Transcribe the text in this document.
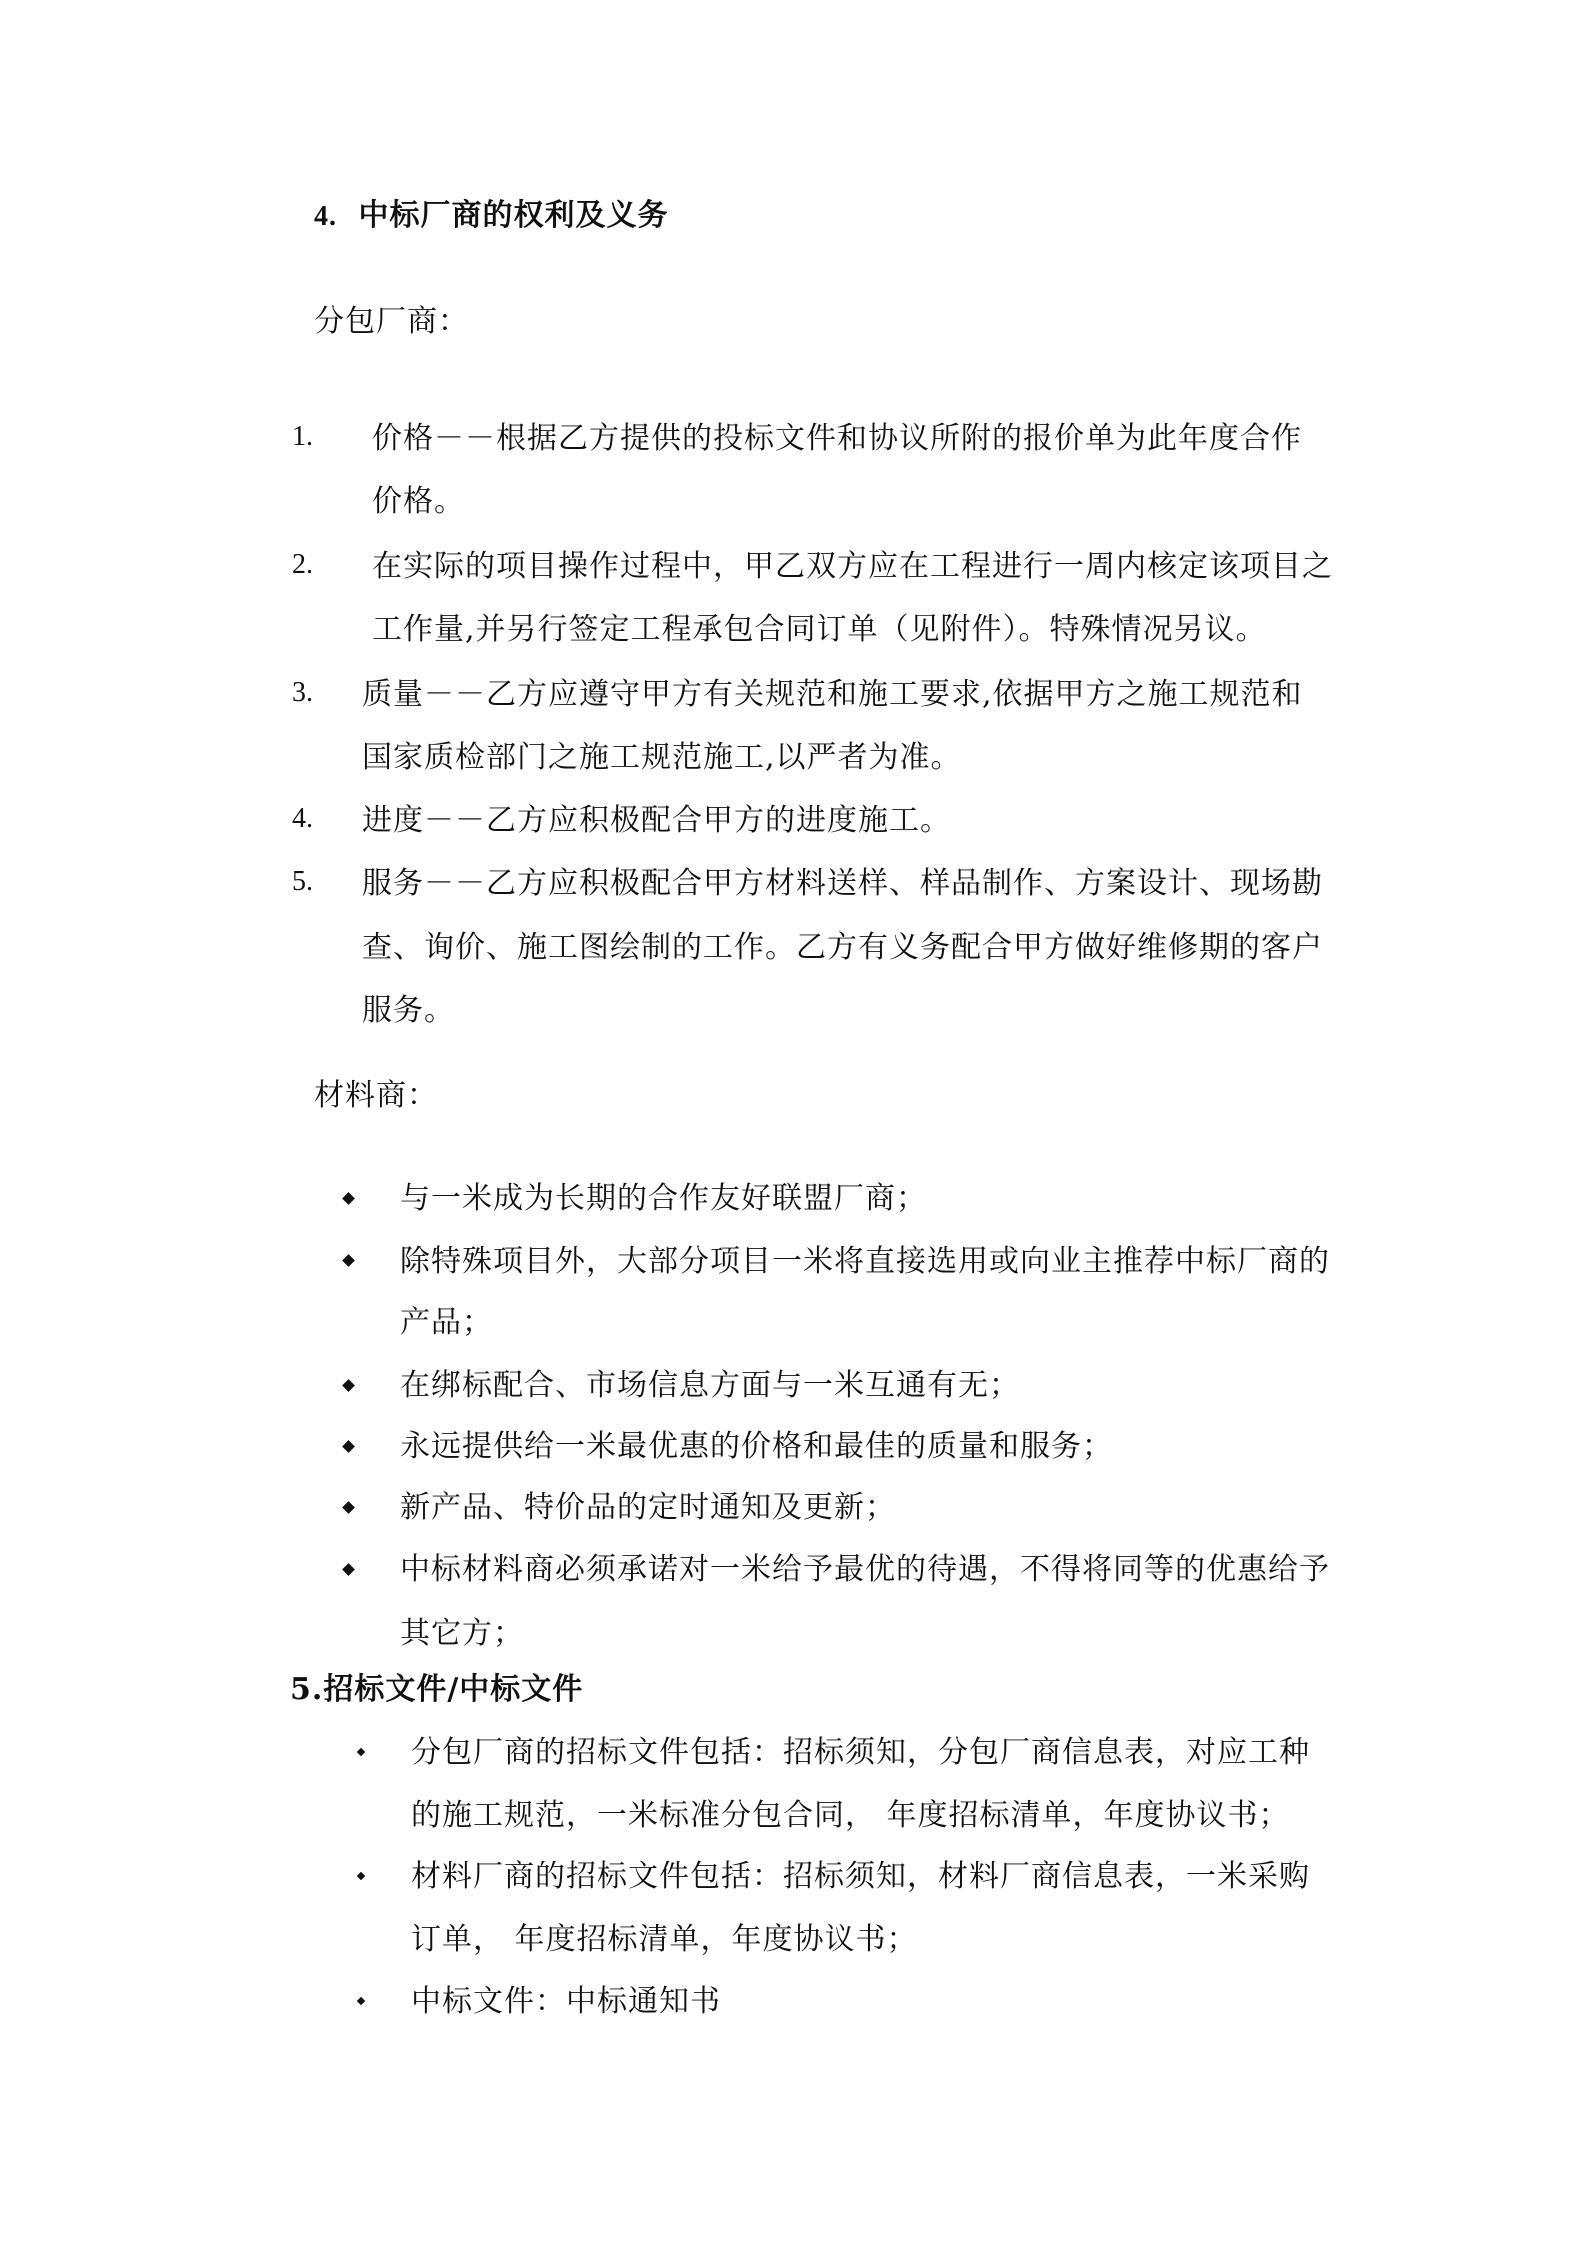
4. 中标厂商的权利及义务
分包厂商：
1. 价格－－根据乙方提供的投标文件和协议所附的报价单为此年度合作
价格。
2. 在实际的项目操作过程中，甲乙双方应在工程进行一周内核定该项目之
工作量,并另行签定工程承包合同订单（见附件）。特殊情况另议。
3. 质量－－乙方应遵守甲方有关规范和施工要求,依据甲方之施工规范和
国家质检部门之施工规范施工,以严者为准。
4. 进度－－乙方应积极配合甲方的进度施工。
5. 服务－－乙方应积极配合甲方材料送样、样品制作、方案设计、现场勘
查、询价、施工图绘制的工作。乙方有义务配合甲方做好维修期的客户
服务。
材料商：
与一米成为长期的合作友好联盟厂商；
除特殊项目外，大部分项目一米将直接选用或向业主推荐中标厂商的
产品；
在绑标配合、市场信息方面与一米互通有无；
永远提供给一米最优惠的价格和最佳的质量和服务；
新产品、特价品的定时通知及更新；
中标材料商必须承诺对一米给予最优的待遇，不得将同等的优惠给予
其它方；
5.招标文件/中标文件
分包厂商的招标文件包括：招标须知，分包厂商信息表，对应工种
的施工规范，一米标准分包合同， 年度招标清单，年度协议书；
材料厂商的招标文件包括：招标须知，材料厂商信息表，一米采购
订单， 年度招标清单，年度协议书；
中标文件：中标通知书
